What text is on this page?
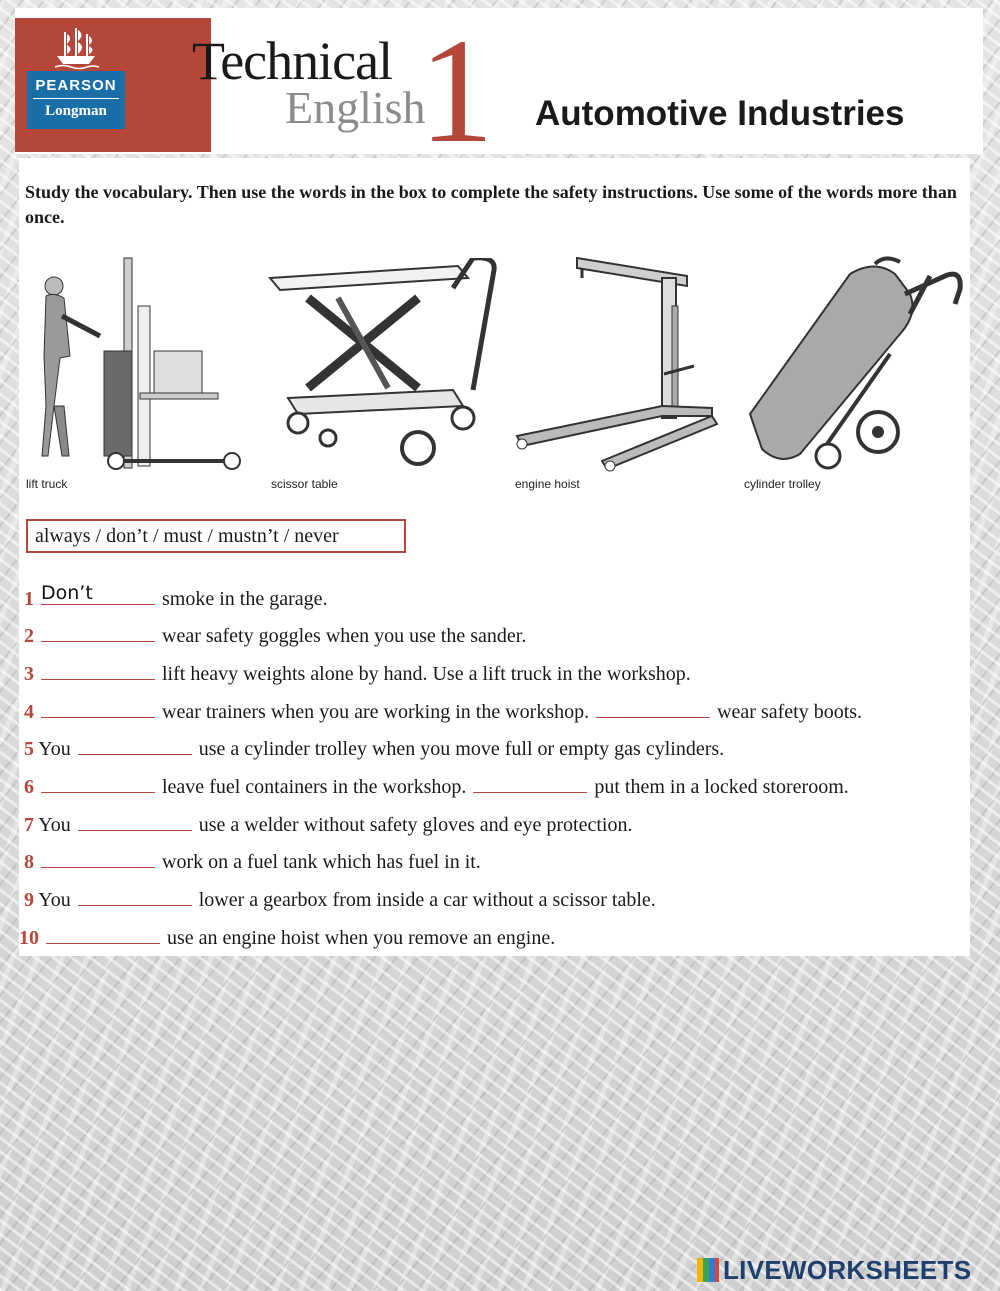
PEARSON
Longman
Technical
English
1 Automotive Industries
Study the vocabulary. Then use the words in the box to complete the safety instructions. Use some of the words more than once.
lift truck	scissor table	engine hoist	cylinder trolley
always / don’t / must / mustn’t / never
1 Don’t	smoke in the garage.
2	wear safety goggles when you use the sander.
3	lift heavy weights alone by hand. Use a lift truck in the workshop.
4	wear trainers when you are working in the workshop.	wear safety boots.
5 You	use a cylinder trolley when you move full or empty gas cylinders.
6	leave fuel containers in the workshop.	put them in a locked storeroom.
7 You	use a welder without safety gloves and eye protection.
8	work on a fuel tank which has fuel in it.
9 You	lower a gearbox from inside a car without a scissor table.
10	use an engine hoist when you remove an engine.
LIVEWORKSHEETS
